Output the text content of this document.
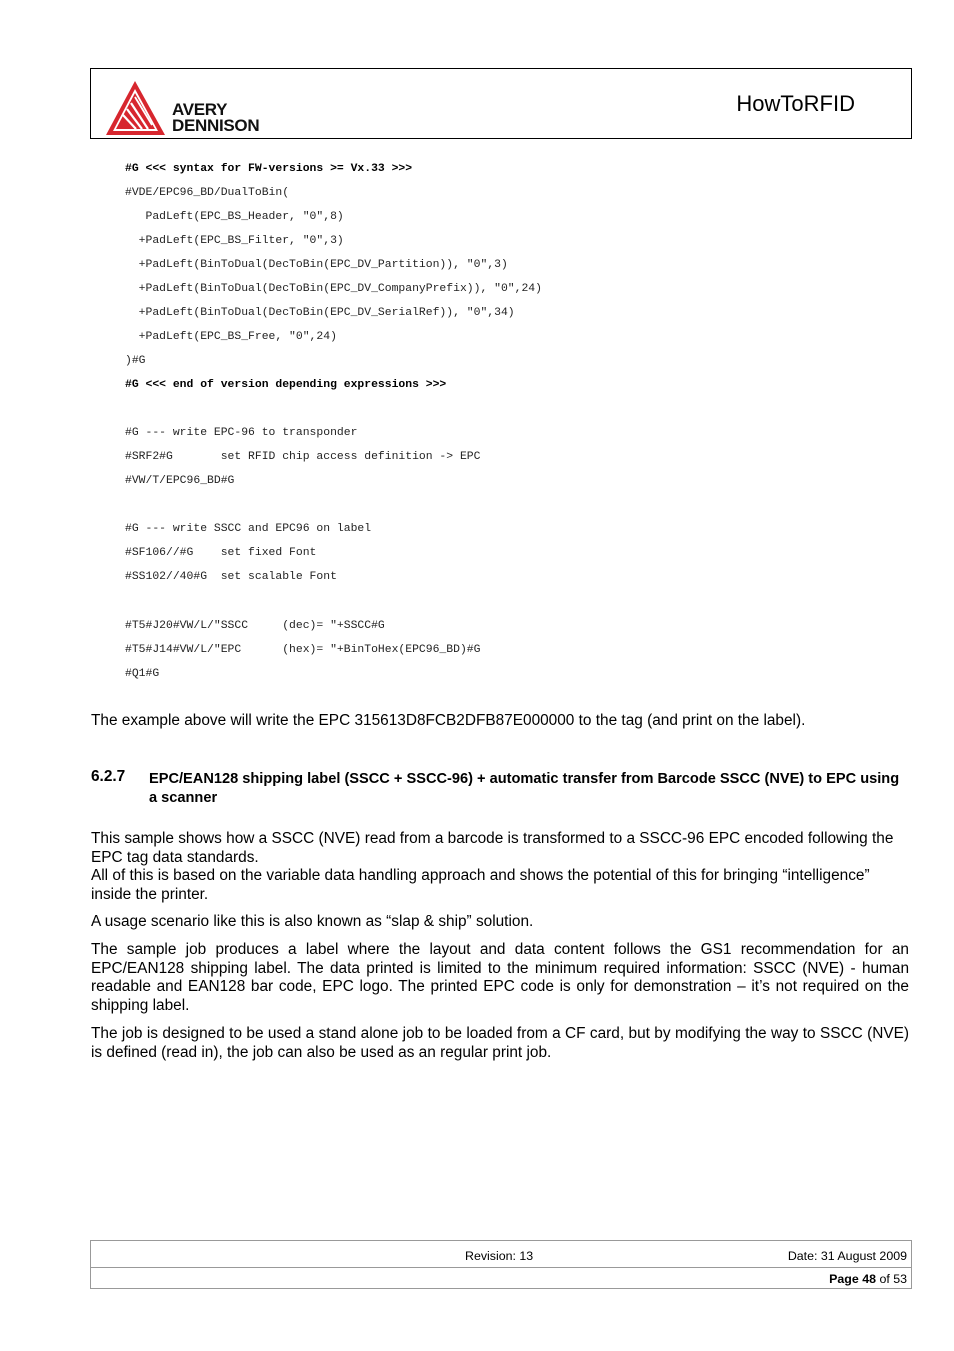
AVERY
DENNISON
HowToRFID
#G <<< syntax for FW-versions >= Vx.33 >>>
#VDE/EPC96_BD/DualToBin(
PadLeft(EPC_BS_Header, "0",8)
+PadLeft(EPC_BS_Filter, "0",3)
+PadLeft(BinToDual(DecToBin(EPC_DV_Partition)), "0",3)
+PadLeft(BinToDual(DecToBin(EPC_DV_CompanyPrefix)), "0",24)
+PadLeft(BinToDual(DecToBin(EPC_DV_SerialRef)), "0",34)
+PadLeft(EPC_BS_Free, "0",24)
)#G
#G <<< end of version depending expressions >>>
#G --- write EPC-96 to transponder
#SRF2#G       set RFID chip access definition -> EPC
#VW/T/EPC96_BD#G
#G --- write SSCC and EPC96 on label
#SF106//#G    set fixed Font
#SS102//40#G  set scalable Font
#T5#J20#VW/L/"SSCC     (dec)= "+SSCC#G
#T5#J14#VW/L/"EPC      (hex)= "+BinToHex(EPC96_BD)#G
#Q1#G
The example above will write the EPC 315613D8FCB2DFB87E000000 to the tag (and print on the label).
6.2.7 EPC/EAN128 shipping label (SSCC + SSCC-96) + automatic transfer from Barcode SSCC (NVE) to EPC using a scanner
This sample shows how a SSCC (NVE) read from a barcode is transformed to a SSCC-96 EPC encoded following the EPC tag data standards.
All of this is based on the variable data handling approach and shows the potential of this for bringing “intelligence” inside the printer.
A usage scenario like this is also known as “slap & ship” solution.
The sample job produces a label where the layout and data content follows the GS1 recommendation for an EPC/EAN128 shipping label. The data printed is limited to the minimum required information: SSCC (NVE) - human readable and EAN128 bar code, EPC logo. The printed EPC code is only for demonstration – it’s not required on the shipping label.
The job is designed to be used a stand alone job to be loaded from a CF card, but by modifying the way to SSCC (NVE) is defined (read in), the job can also be used as an regular print job.
Revision: 13	Date: 31 August 2009
Page 48 of 53
